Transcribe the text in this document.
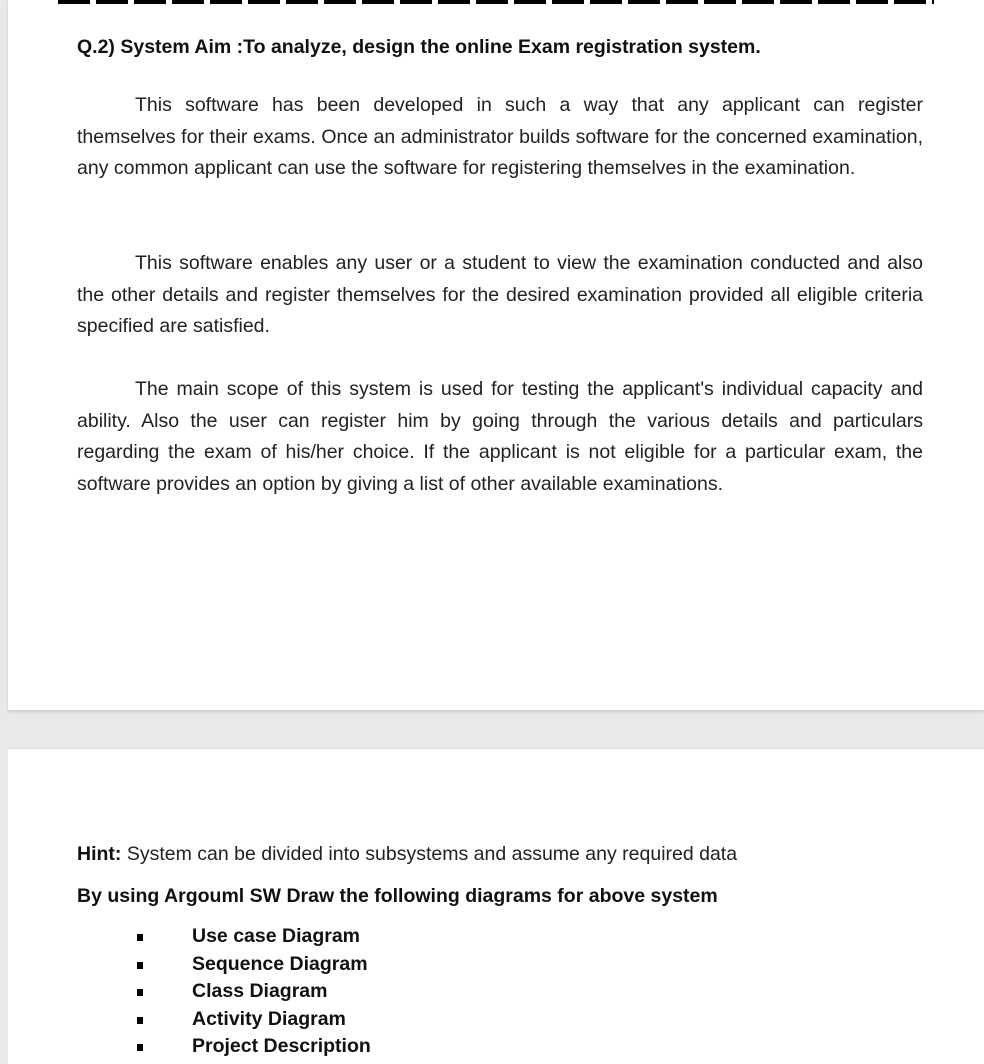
Q.2) System Aim :To analyze, design the online Exam registration system.

This software has been developed in such a way that any applicant can register themselves for their exams. Once an administrator builds software for the concerned examination, any common applicant can use the software for registering themselves in the examination.

This software enables any user or a student to view the examination conducted and also the other details and register themselves for the desired examination provided all eligible criteria specified are satisfied.

The main scope of this system is used for testing the applicant's individual capacity and ability. Also the user can register him by going through the various details and particulars regarding the exam of his/her choice. If the applicant is not eligible for a particular exam, the software provides an option by giving a list of other available examinations.

Hint: System can be divided into subsystems and assume any required data

By using Argouml SW Draw the following diagrams for above system

Use case Diagram
Sequence Diagram
Class Diagram
Activity Diagram
Project Description
